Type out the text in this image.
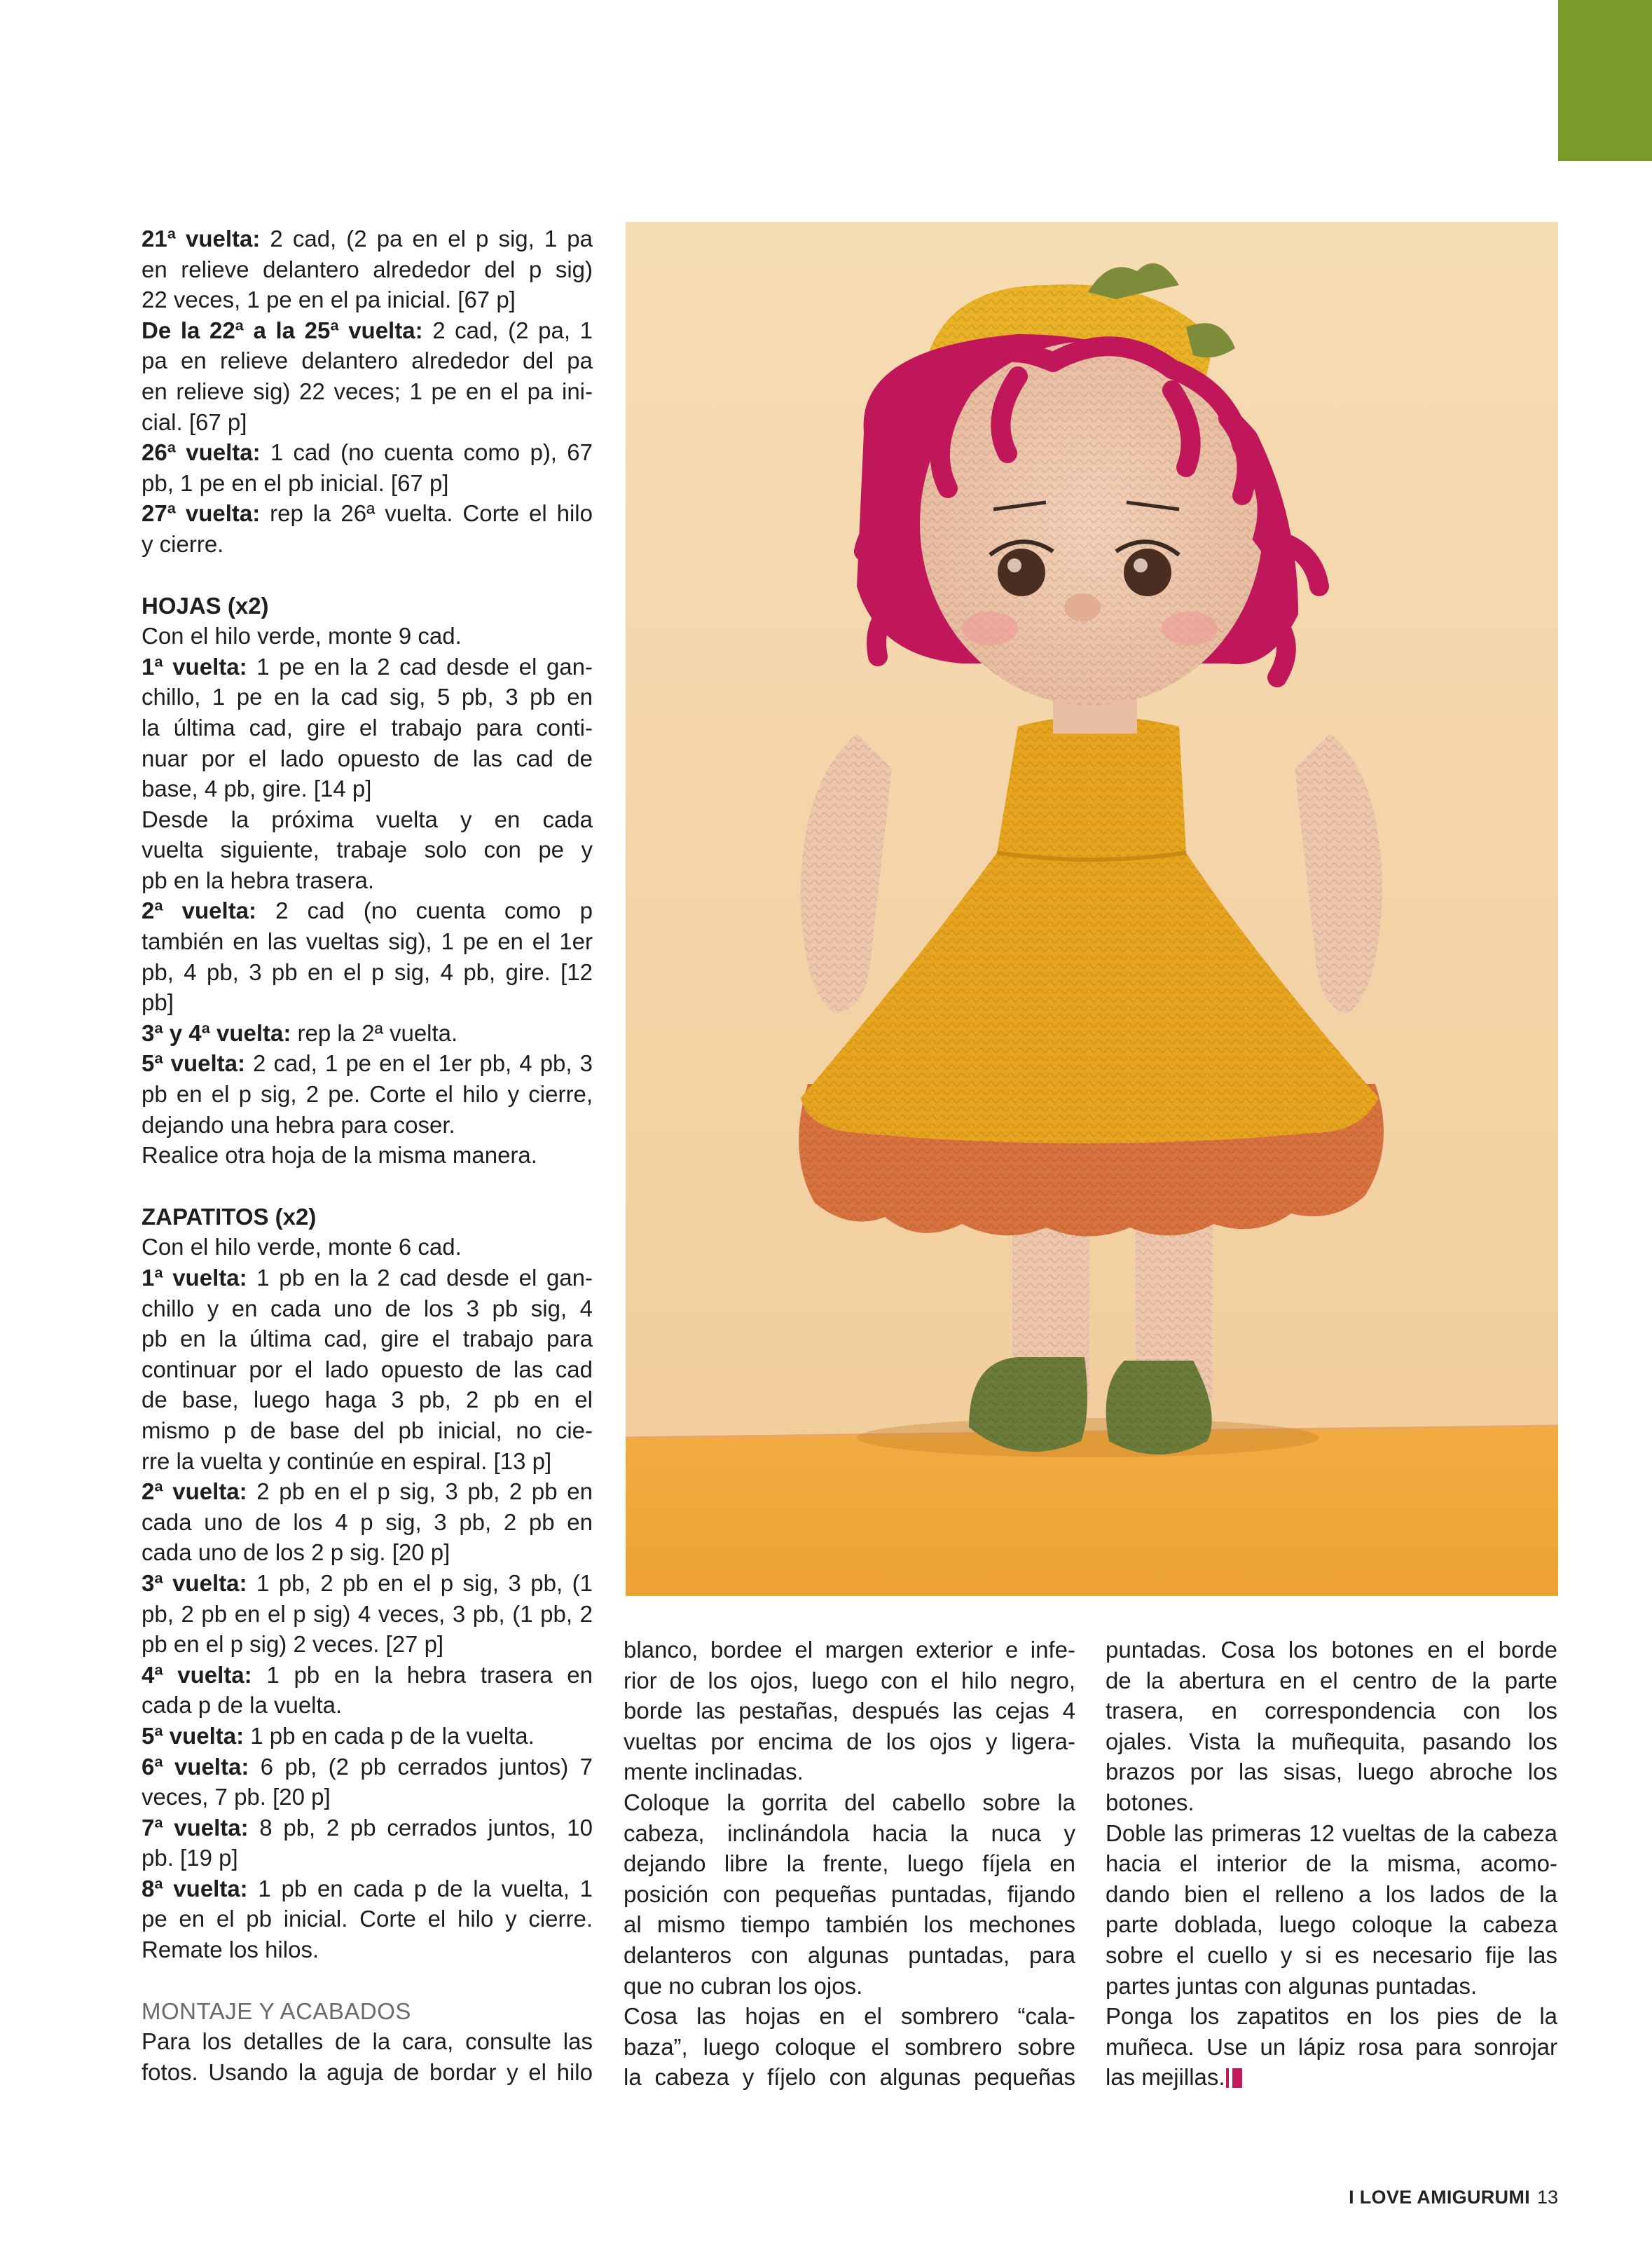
21ª vuelta: 2 cad, (2 pa en el p sig, 1 pa

en relieve delantero alrededor del p sig)

22 veces, 1 pe en el pa inicial. [67 p]

De la 22ª a la 25ª vuelta: 2 cad, (2 pa, 1

pa en relieve delantero alrededor del pa

en relieve sig) 22 veces; 1 pe en el pa ini-

cial. [67 p]

26ª vuelta: 1 cad (no cuenta como p), 67

pb, 1 pe en el pb inicial. [67 p]

27ª vuelta: rep la 26ª vuelta. Corte el hilo

y cierre.

HOJAS (x2)

Con el hilo verde, monte 9 cad.

1ª vuelta: 1 pe en la 2 cad desde el gan-

chillo, 1 pe en la cad sig, 5 pb, 3 pb en

la última cad, gire el trabajo para conti-

nuar por el lado opuesto de las cad de

base, 4 pb, gire. [14 p]

Desde la próxima vuelta y en cada

vuelta siguiente, trabaje solo con pe y

pb en la hebra trasera.

2ª vuelta: 2 cad (no cuenta como p

también en las vueltas sig), 1 pe en el 1er

pb, 4 pb, 3 pb en el p sig, 4 pb, gire. [12

pb]

3ª y 4ª vuelta: rep la 2ª vuelta.

5ª vuelta: 2 cad, 1 pe en el 1er pb, 4 pb, 3

pb en el p sig, 2 pe. Corte el hilo y cierre,

dejando una hebra para coser.

Realice otra hoja de la misma manera.

ZAPATITOS (x2)

Con el hilo verde, monte 6 cad.

1ª vuelta: 1 pb en la 2 cad desde el gan-

chillo y en cada uno de los 3 pb sig, 4

pb en la última cad, gire el trabajo para

continuar por el lado opuesto de las cad

de base, luego haga 3 pb, 2 pb en el

mismo p de base del pb inicial, no cie-

rre la vuelta y continúe en espiral. [13 p]

2ª vuelta: 2 pb en el p sig, 3 pb, 2 pb en

cada uno de los 4 p sig, 3 pb, 2 pb en

cada uno de los 2 p sig. [20 p]

3ª vuelta: 1 pb, 2 pb en el p sig, 3 pb, (1

pb, 2 pb en el p sig) 4 veces, 3 pb, (1 pb, 2

pb en el p sig) 2 veces. [27 p]

4ª vuelta: 1 pb en la hebra trasera en

cada p de la vuelta.

5ª vuelta: 1 pb en cada p de la vuelta.

6ª vuelta: 6 pb, (2 pb cerrados juntos) 7

veces, 7 pb. [20 p]

7ª vuelta: 8 pb, 2 pb cerrados juntos, 10

pb. [19 p]

8ª vuelta: 1 pb en cada p de la vuelta, 1

pe en el pb inicial. Corte el hilo y cierre.

Remate los hilos.

MONTAJE Y ACABADOS

Para los detalles de la cara, consulte las

fotos. Usando la aguja de bordar y el hilo

blanco, bordee el margen exterior e infe-

rior de los ojos, luego con el hilo negro,

borde las pestañas, después las cejas 4

vueltas por encima de los ojos y ligera-

mente inclinadas.

Coloque la gorrita del cabello sobre la

cabeza, inclinándola hacia la nuca y

dejando libre la frente, luego fíjela en

posición con pequeñas puntadas, fijando

al mismo tiempo también los mechones

delanteros con algunas puntadas, para

que no cubran los ojos.

Cosa las hojas en el sombrero “cala-

baza”, luego coloque el sombrero sobre

la cabeza y fíjelo con algunas pequeñas

puntadas. Cosa los botones en el borde

de la abertura en el centro de la parte

trasera, en correspondencia con los

ojales. Vista la muñequita, pasando los

brazos por las sisas, luego abroche los

botones.

Doble las primeras 12 vueltas de la cabeza

hacia el interior de la misma, acomo-

dando bien el relleno a los lados de la

parte doblada, luego coloque la cabeza

sobre el cuello y si es necesario fije las

partes juntas con algunas puntadas.

Ponga los zapatitos en los pies de la

muñeca. Use un lápiz rosa para sonrojar

las mejillas.

I LOVE AMIGURUMI 13
